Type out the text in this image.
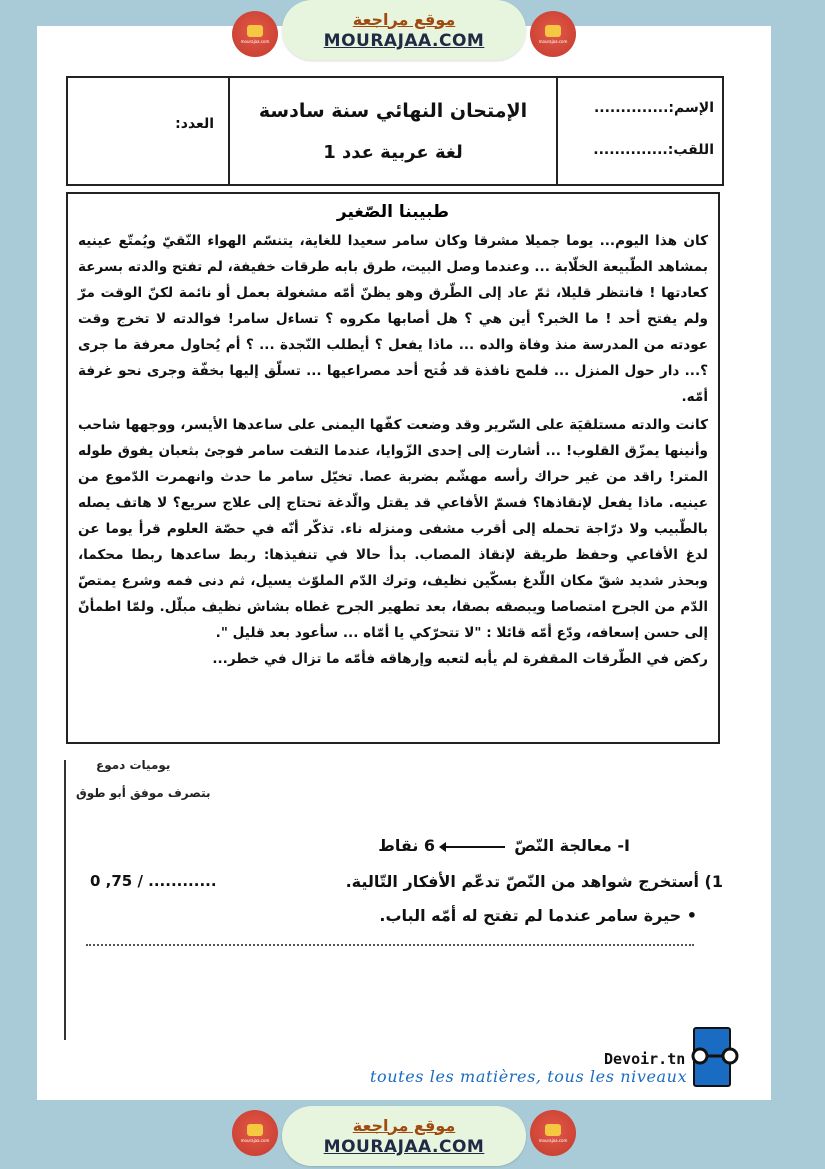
mourajaa.com
موقع مراجعة
MOURAJAA.COM	mourajaa.com
العدد:
الإمتحان النهائي سنة سادسة
لغة عربية عدد 1
الإسم:..............
اللقب:..............
طبيبنا الصّغير

كان هذا اليوم... يوما جميلا مشرقا وكان سامر سعيدا للغاية، يتنسّم الهواء النّقيّ ويُمتّع عينيه بمشاهد الطّبيعة الخلّابة ... وعندما وصل البيت، طرق بابه طرقات خفيفة، لم تفتح والدته بسرعة كعادتها ! فانتظر قليلا، ثمّ عاد إلى الطّرق وهو يظنّ أمّه مشغولة بعمل أو نائمة لكنّ الوقت مرّ ولم يفتح أحد ! ما الخبر؟ أين هي ؟ هل أصابها مكروه ؟ تساءل سامر! فوالدته لا تخرج وقت عودته من المدرسة منذ وفاة والده ... ماذا يفعل ؟ أيطلب النّجدة ... ؟ أم يُحاول معرفة ما جرى ؟... دار حول المنزل ... فلمح نافذة قد فُتح أحد مصراعيها ... تسلّق إليها بخفّة وجرى نحو غرفة أمّه.

كانت والدته مستلقيَة على السّرير وقد وضعت كفّها اليمنى على ساعدها الأيسر، ووجهها شاحب وأنينها يمزّق القلوب! ... أشارت إلى إحدى الزّوايا، عندما التفت سامر فوجئ بثعبان يفوق طوله المتر! راقد من غير حراك رأسه مهشّم بضربة عصا. تخيّل سامر ما حدث وانهمرت الدّموع من عينيه. ماذا يفعل لإنقاذها؟ فسمّ الأفاعي قد يقتل والّدغة تحتاج إلى علاج سريع؟ لا هاتف يصله بالطّبيب ولا درّاجة تحمله إلى أقرب مشفى ومنزله ناء. تذكّر أنّه في حصّة العلوم قرأ يوما عن لدغ الأفاعي وحفظ طريقة لإنقاذ المصاب. بدأ حالا في تنفيذها: ربط ساعدها ربطا محكما، وبحذر شديد شقّ مكان اللّدغ بسكّين نظيف، وترك الدّم الملوّث يسيل، ثم دنى فمه وشرع يمتصّ الدّم من الجرح امتصاصا ويبصقه بصقا، بعد تطهير الجرح غطاه بشاش نظيف مبلّل. ولمّا اطمأنّ إلى حسن إسعافه، ودّع أمّه قائلا : "لا تتحرّكي يا أمّاه ... سأعود بعد قليل ".

ركض في الطّرقات المقفرة لم يأبه لتعبه وإرهاقه فأمّه ما تزال في خطر...

يوميات دموع
بتصرف موفق أبو طوق
I- معالجة النّصّ  6 نقاط
1) أستخرج شواهد من النّصّ تدعّم الأفكار التّالية.
0 ,75 / ............
• حيرة سامر عندما لم تفتح له أمّه الباب.
Devoir.tn
toutes les matières, tous les niveaux
mourajaa.com
موقع مراجعة
MOURAJAA.COM	mourajaa.com
